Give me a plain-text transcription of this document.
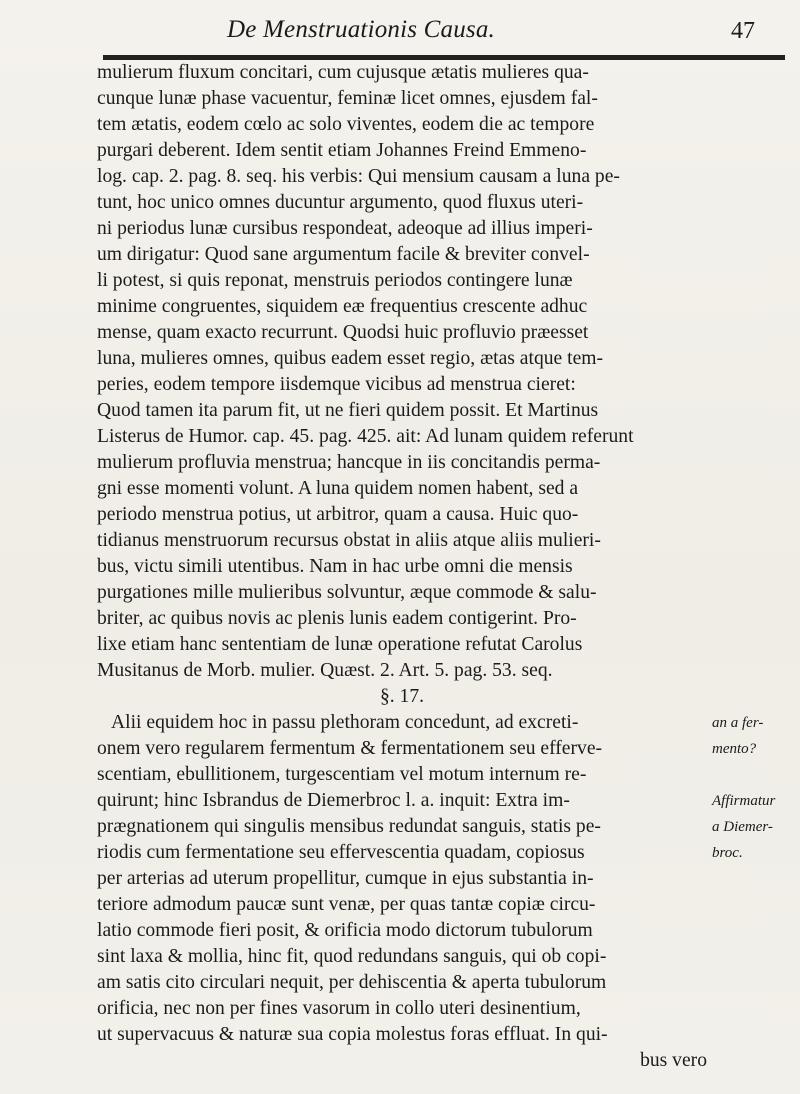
De Menstruationis Causa.	47
mulierum fluxum concitari, cum cujusque ætatis mulieres qua-
cunque lunæ phase vacuentur, feminæ licet omnes, ejusdem fal-
tem ætatis, eodem cœlo ac solo viventes, eodem die ac tempore
purgari deberent. Idem sentit etiam Johannes Freind Emmeno-
log. cap. 2. pag. 8. seq. his verbis: Qui mensium causam a luna pe-
tunt, hoc unico omnes ducuntur argumento, quod fluxus uteri-
ni periodus lunæ cursibus respondeat, adeoque ad illius imperi-
um dirigatur: Quod sane argumentum facile & breviter convel-
li potest, si quis reponat, menstruis periodos contingere lunæ
minime congruentes, siquidem eæ frequentius crescente adhuc
mense, quam exacto recurrunt. Quodsi huic profluvio præesset
luna, mulieres omnes, quibus eadem esset regio, ætas atque tem-
peries, eodem tempore iisdemque vicibus ad menstrua cieret:
Quod tamen ita parum fit, ut ne fieri quidem possit. Et Martinus
Listerus de Humor. cap. 45. pag. 425. ait: Ad lunam quidem referunt
mulierum profluvia menstrua; hancque in iis concitandis perma-
gni esse momenti volunt. A luna quidem nomen habent, sed a
periodo menstrua potius, ut arbitror, quam a causa. Huic quo-
tidianus menstruorum recursus obstat in aliis atque aliis mulieri-
bus, victu simili utentibus. Nam in hac urbe omni die mensis
purgationes mille mulieribus solvuntur, æque commode & salu-
briter, ac quibus novis ac plenis lunis eadem contigerint. Pro-
lixe etiam hanc sententiam de lunæ operatione refutat Carolus
Musitanus de Morb. mulier. Quæst. 2. Art. 5. pag. 53. seq.
§. 17.
Alii equidem hoc in passu plethoram concedunt, ad excreti-
onem vero regularem fermentum & fermentationem seu efferve-
scentiam, ebullitionem, turgescentiam vel motum internum re-
quirunt; hinc Isbrandus de Diemerbroc l. a. inquit: Extra im-
prægnationem qui singulis mensibus redundat sanguis, statis pe-
riodis cum fermentatione seu effervescentia quadam, copiosus
per arterias ad uterum propellitur, cumque in ejus substantia in-
teriore admodum paucæ sunt venæ, per quas tantæ copiæ circu-
latio commode fieri posit, & orificia modo dictorum tubulorum
sint laxa & mollia, hinc fit, quod redundans sanguis, qui ob copi-
am satis cito circulari nequit, per dehiscentia & aperta tubulorum
orificia, nec non per fines vasorum in collo uteri desinentium,
ut supervacuus & naturæ sua copia molestus foras effluat. In qui-
bus vero
an a fer-
mento?
Affirmatur
a Diemer-
broc.
